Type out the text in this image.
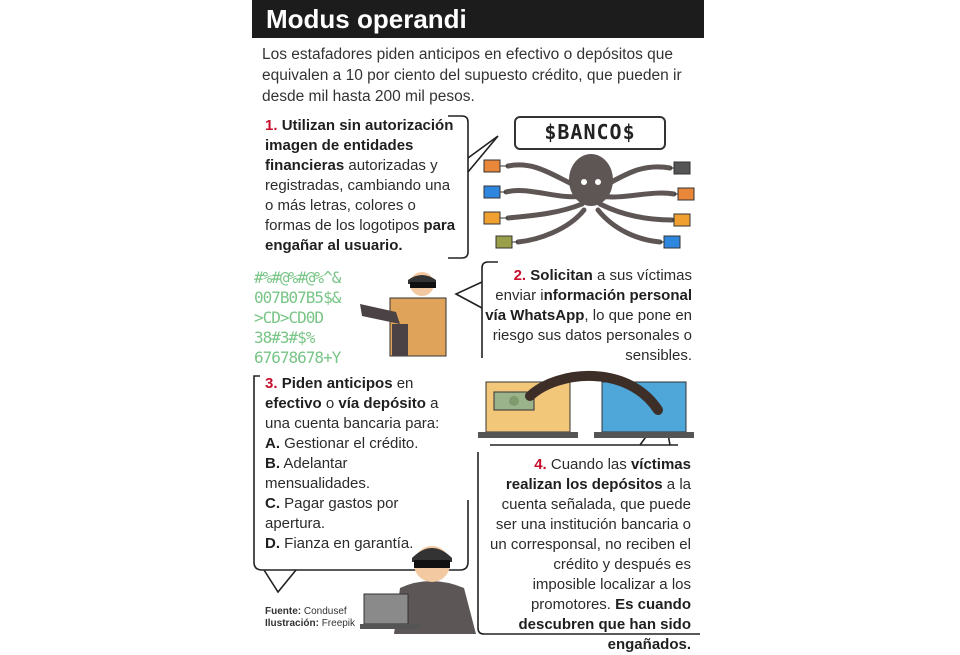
Modus operandi

Los estafadores piden anticipos en efectivo o depósitos que equivalen a 10 por ciento del supuesto crédito, que pueden ir desde mil hasta 200 mil pesos.

1. Utilizan sin autorización imagen de entidades financieras autorizadas y registradas, cambiando una o más letras, colores o formas de los logotipos para engañar al usuario.
$BANCO$
#%#@%#@%^&
007B07B5$&
>CD>CD0D
38#3#$%
67678678+Y
2. Solicitan a sus víctimas enviar información personal vía WhatsApp, lo que pone en riesgo sus datos personales o sensibles.
3. Piden anticipos en efectivo o vía depósito a una cuenta bancaria para:
A. Gestionar el crédito.
B. Adelantar mensualidades.
C. Pagar gastos por apertura.
D. Fianza en garantía.
4. Cuando las víctimas realizan los depósitos a la cuenta señalada, que puede ser una institución bancaria o un corresponsal, no reciben el crédito y después es imposible localizar a los promotores. Es cuando descubren que han sido engañados.
Fuente: Condusef
Ilustración: Freepik
